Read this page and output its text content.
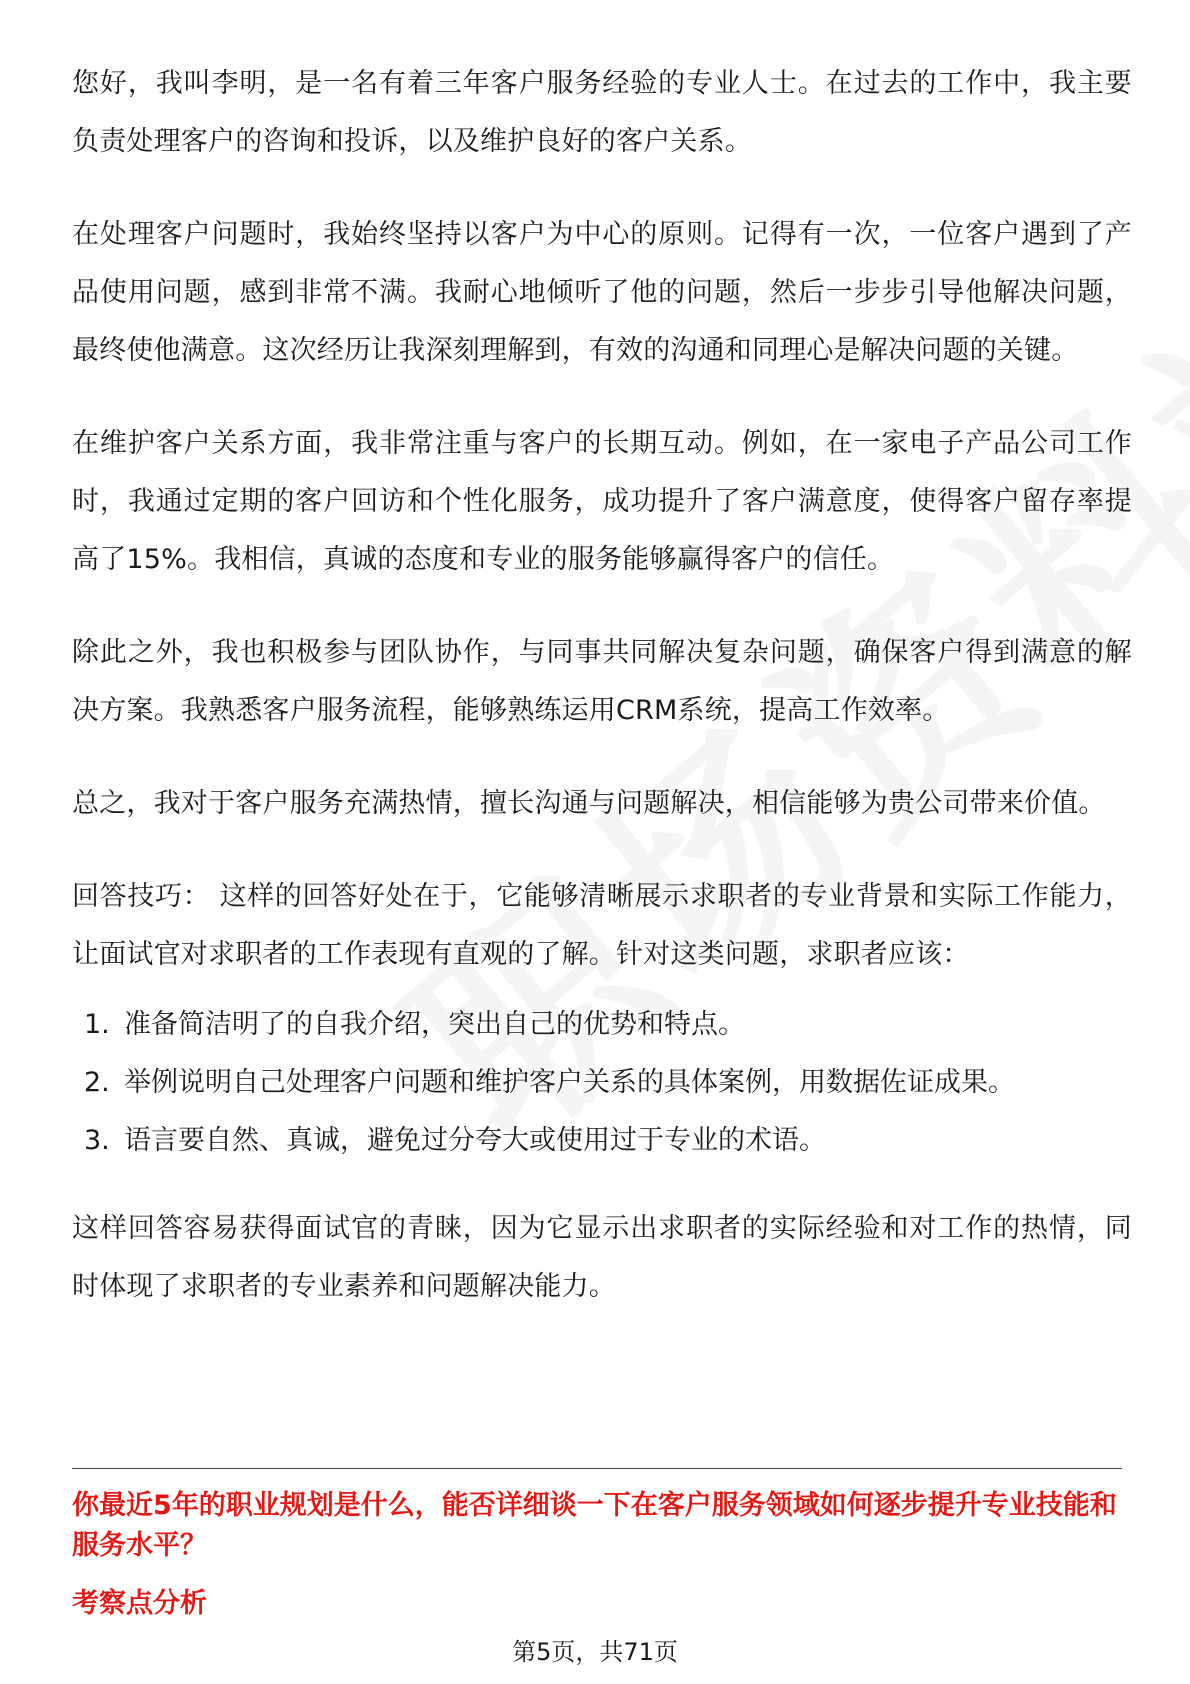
您好，我叫李明，是一名有着三年客户服务经验的专业人士。在过去的工作中，我主要负责处理客户的咨询和投诉，以及维护良好的客户关系。

在处理客户问题时，我始终坚持以客户为中心的原则。记得有一次，一位客户遇到了产品使用问题，感到非常不满。我耐心地倾听了他的问题，然后一步步引导他解决问题，最终使他满意。这次经历让我深刻理解到，有效的沟通和同理心是解决问题的关键。

在维护客户关系方面，我非常注重与客户的长期互动。例如，在一家电子产品公司工作时，我通过定期的客户回访和个性化服务，成功提升了客户满意度，使得客户留存率提高了15%。我相信，真诚的态度和专业的服务能够赢得客户的信任。

除此之外，我也积极参与团队协作，与同事共同解决复杂问题，确保客户得到满意的解决方案。我熟悉客户服务流程，能够熟练运用CRM系统，提高工作效率。

总之，我对于客户服务充满热情，擅长沟通与问题解决，相信能够为贵公司带来价值。

回答技巧： 这样的回答好处在于，它能够清晰展示求职者的专业背景和实际工作能力，让面试官对求职者的工作表现有直观的了解。针对这类问题，求职者应该：

1. 准备简洁明了的自我介绍，突出自己的优势和特点。
2. 举例说明自己处理客户问题和维护客户关系的具体案例，用数据佐证成果。
3. 语言要自然、真诚，避免过分夸大或使用过于专业的术语。

这样回答容易获得面试官的青睐，因为它显示出求职者的实际经验和对工作的热情，同时体现了求职者的专业素养和问题解决能力。

你最近5年的职业规划是什么，能否详细谈一下在客户服务领域如何逐步提升专业技能和服务水平？

考察点分析

第5页，共71页
